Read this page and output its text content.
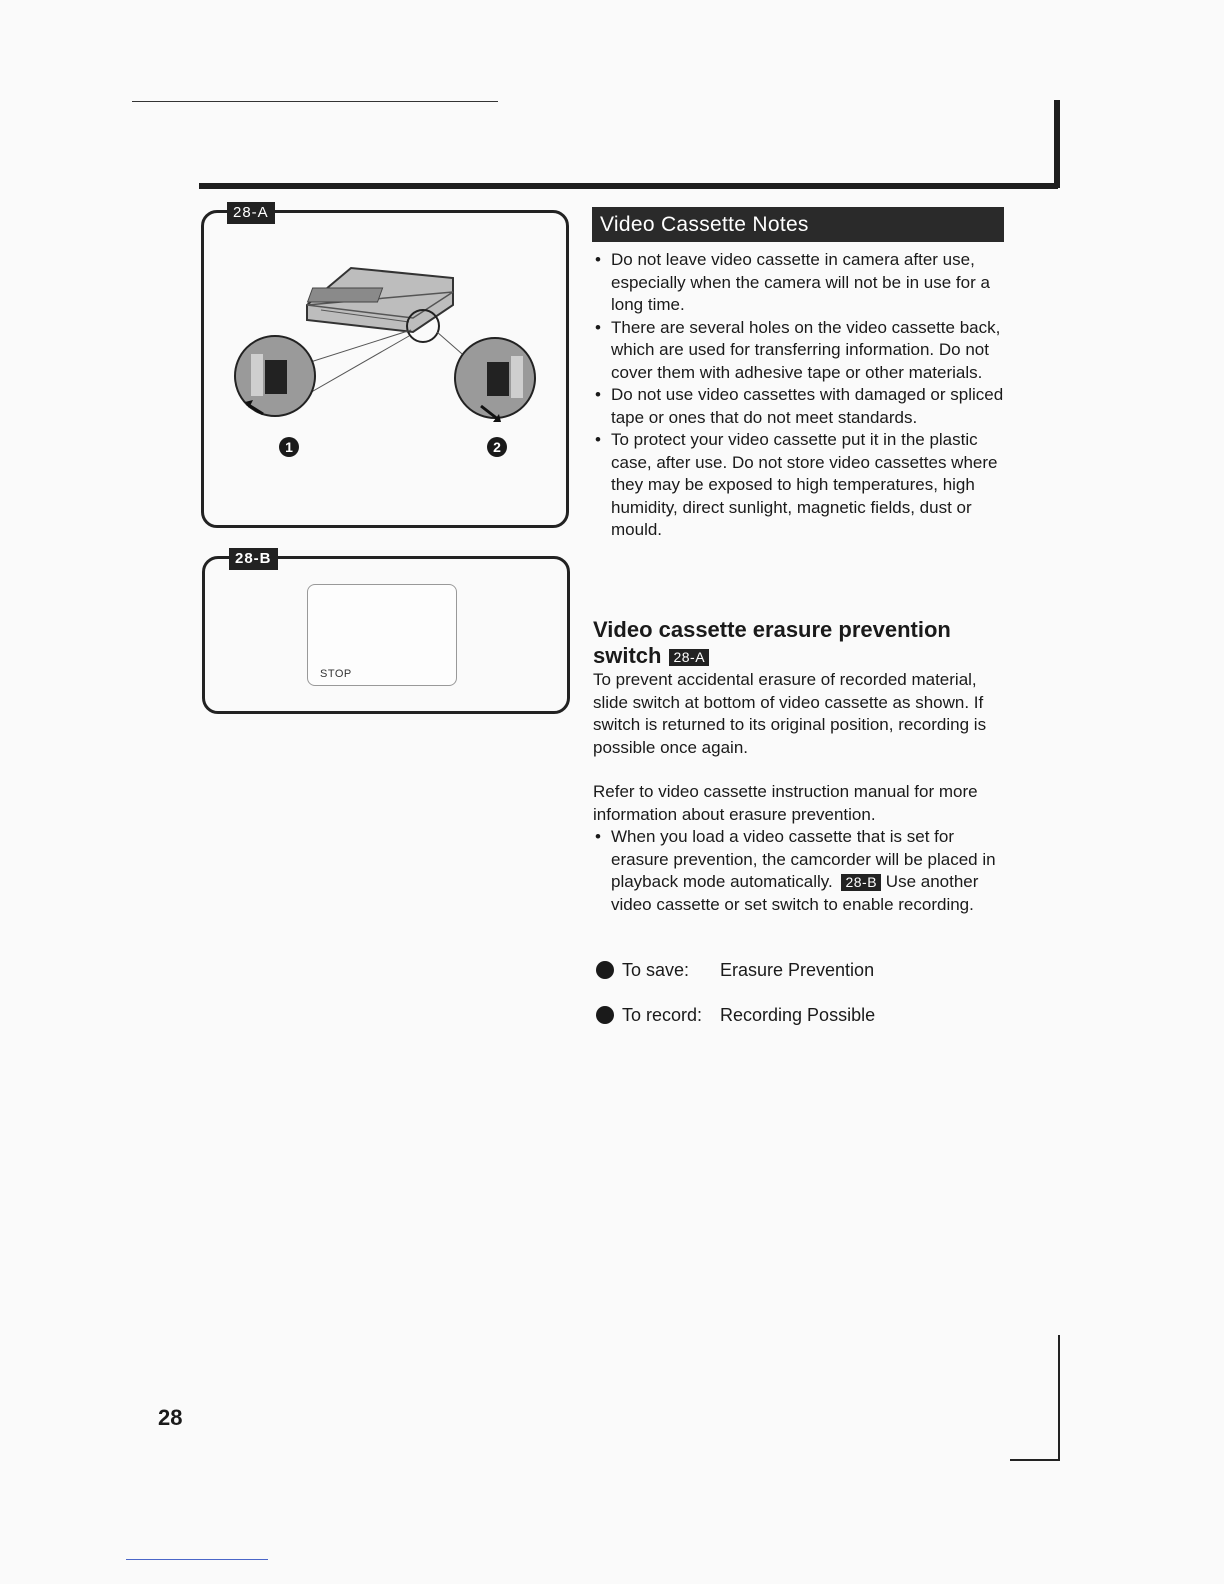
28-A
1	2
28-B
STOP
Video Cassette Notes
• Do not leave video cassette in camera after use, especially when the camera will not be in use for a long time.
• There are several holes on the video cassette back, which are used for transferring information. Do not cover them with adhesive tape or other materials.
• Do not use video cassettes with damaged or spliced tape or ones that do not meet standards.
• To protect your video cassette put it in the plastic case, after use. Do not store video cassettes where they may be exposed to high temperatures, high humidity, direct sunlight, magnetic fields, dust or mould.
Video cassette erasure prevention switch 28-A
To prevent accidental erasure of recorded material, slide switch at bottom of video cassette as shown. If switch is returned to its original position, recording is possible once again.
Refer to video cassette instruction manual for more information about erasure prevention.
• When you load a video cassette that is set for erasure prevention, the camcorder will be placed in playback mode automatically. 28-B Use another video cassette or set switch to enable recording.
To save: Erasure Prevention
To record: Recording Possible
28
